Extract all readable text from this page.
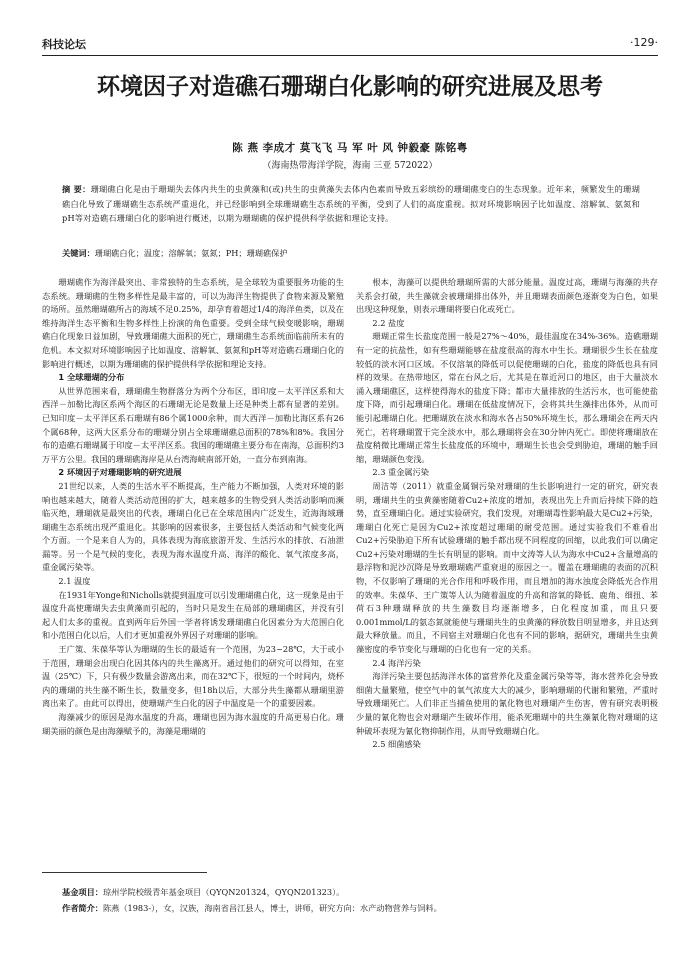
科技论坛	·129·
环境因子对造礁石珊瑚白化影响的研究进展及思考
陈 燕 李成才 莫飞飞 马 军 叶 风 钟毅豪 陈铭粤
（海南热带海洋学院，海南 三亚 572022）
摘 要：珊瑚礁白化是由于珊瑚失去体内共生的虫黄藻和(或)共生的虫黄藻失去体内色素而导致五彩缤纷的珊瑚礁变白的生态现象。近年来，频繁发生的珊瑚礁白化导致了珊瑚礁生态系统严重退化，并已经影响到全球珊瑚礁生态系统的平衡，受到了人们的高度重视。拟对环境影响因子比如温度、溶解氧、氨氮和pH等对造礁石珊瑚白化的影响进行概述，以期为珊瑚礁的保护提供科学依据和理论支持。
关键词：珊瑚礁白化；温度；溶解氧；氨氮；PH；珊瑚礁保护

珊瑚礁作为海洋最突出、非常独特的生态系统，是全球较为重要服务功能的生态系统。珊瑚礁的生物多样性是最丰富的，可以为海洋生物提供了食物来源及繁殖的场所。虽然珊瑚礁所占的海域不足0.25%，却孕育着超过1/4的海洋鱼类，以及在维持海洋生态平衡和生物多样性上扮演的角色重要。受到全球气候变暖影响，珊瑚礁白化现象日益加剧，导致珊瑚礁大面积的死亡，珊瑚礁生态系统面临前所未有的危机。本文拟对环境影响因子比如温度、溶解氧、氨氮和pH等对造礁石珊瑚白化的影响进行概述，以期为珊瑚礁的保护提供科学依据和理论支持。

1 全球珊瑚的分布

从世界范围来看，珊瑚礁生物群落分为两个分布区，即印度－太平洋区系和大西洋－加勒比海区系两个海区的石珊瑚无论是数量上还是种类上都有显著的差别。已知印度－太平洋区系石珊瑚有86个属1000余种，而大西洋－加勒比海区系有26个属68种，这两大区系分布的珊瑚分别占全球珊瑚礁总面积的78%和8%。我国分布的造礁石珊瑚属于印度－太平洋区系。我国的珊瑚礁主要分布在南海，总面积约3万平方公里。我国的珊瑚礁海岸是从台湾海峡南部开始，一直分布到南海。

2 环境因子对珊瑚影响的研究进展

21世纪以来，人类的生活水平不断提高，生产能力不断加强，人类对环境的影响也越来越大，随着人类活动范围的扩大，越来越多的生物受到人类活动影响而濒临灭绝，珊瑚就是最突出的代表，珊瑚白化已在全球范围内广泛发生，近海海域珊瑚礁生态系统出现严重退化。其影响的因素很多，主要包括人类活动和气候变化两个方面。一个是来自人为的，具体表现为海底旅游开发、生活污水的排放、石油泄漏等。另一个是气候的变化，表现为海水温度升高、海洋的酸化、氧气浓度多高，重金属污染等。

2.1 温度

在1931年Yonge和Nicholls就提到温度可以引发珊瑚礁白化，这一现象是由于温度升高使珊瑚失去虫黄藻而引起的，当时只是发生在局部的珊瑚礁区，并没有引起人们太多的重视。直到两年后外国一学者将诱发珊瑚礁白化因素分为大范围白化和小范围白化以后，人们才更加重视外界因子对珊瑚的影响。

王广策、朱葆华等认为珊瑚的生长的最适有一个范围，为23~28℃，大于或小于范围，珊瑚会出现白化因其体内的共生藻离开。通过他们的研究可以得知，在室温（25℃）下，只有极少数量会游离出来，而在32℃下，很短的一个时间内，烧杯内的珊瑚的共生藻不断生长，数量变多，但18h以后，大部分共生藻都从珊瑚里游离出来了。由此可以得出，使珊瑚产生白化的因子中温度是一个的重要因素。

海藻减少的原因是海水温度的升高，珊瑚也因为海水温度的升高更易白化。珊瑚美丽的颜色是由海藻赋予的，海藻是珊瑚的

根本，海藻可以提供给珊瑚所需的大部分能量。温度过高，珊瑚与海藻的共存关系会打破，共生藻就会被珊瑚排出体外，并且珊瑚表面颜色逐渐变为白色，如果出现这种现象，则表示珊瑚将要白化或死亡。

2.2 盐度

珊瑚正常生长盐度范围一般是27%～40%，最佳温度在34%-36%。造礁珊瑚有一定的抗盐性，如有些珊瑚能够在盐度很高的海水中生长。珊瑚很少生长在盐度较低的淡水河口区域。不仅溶氧的降低可以促使珊瑚的白化，盐度的降低也具有同样的效果。在热带地区，常在台风之后，尤其是在靠近河口的地区，由于大量淡水涌入珊瑚礁区，这样使得海水的盐度下降；都市大量排放的生活污水，也可能使盐度下降，而引起珊瑚白化。珊瑚在低盐度情况下，会将其共生藻排出体外，从而可能引起珊瑚白化。把珊瑚放在淡水和海水各占50%环境生长，那么珊瑚会在两天内死亡，若将珊瑚置于完全淡水中，那么珊瑚将会在30分钟内死亡。即使将珊瑚放在盐度稍微比珊瑚正常生长盐度低的环境中，珊瑚生长也会受到胁迫，珊瑚的触手回缩，珊瑚颜色变浅。

2.3 重金属污染

周洁等（2011）就重金属铜污染对珊瑚的生长影响进行一定的研究，研究表明，珊瑚共生的虫黄藻密随着Cu2+浓度的增加，表现出先上升而后持续下降的趋势，直至珊瑚白化。通过实验研究，我们发现，对珊瑚毒性影响最大是Cu2+污染，珊瑚白化死亡是因为Cu2+浓度超过珊瑚的耐受范围。通过实验我们不难看出Cu2+污染胁迫下所有试验珊瑚的触手都出现不同程度的回缩，以此我们可以确定Cu2+污染对珊瑚的生长有明显的影响。而中文涛等人认为海水中Cu2+含量增高的悬浮物和泥沙沉降是导致珊瑚礁严重衰退的原因之一。覆盖在珊瑚礁的表面的沉积物，不仅影响了珊瑚的光合作用和呼吸作用，而且增加的海水浊度会降低光合作用的效率。朱葆华、王广策等人认为随着温度的升高和溶氧的降低、鹿角、细扭、苯荷石3种珊瑚释放的共生藻数目均逐渐增多，白化程度加重，而且只要0.001mmol/L的氨态氮就能使与珊瑚共生的虫黄藻的释放数目明显增多，并且达到最大释放量。而且，不同宿主对珊瑚白化也有不同的影响，据研究，珊瑚共生虫黄藻密度的季节变化与珊瑚的白化也有一定的关系。

2.4 海洋污染

海洋污染主要包括海洋水体的富营养化及重金属污染等等，海水营养化会导致细菌大量繁殖，使空气中的氧气浓度大大的减少，影响珊瑚的代谢和繁殖，严重时导致珊瑚死亡。人们非正当捕鱼使用的氰化物也对珊瑚产生伤害，曾有研究表明极少量的氰化物也会对珊瑚产生破坏作用，能杀死珊瑚中的共生藻氰化物对珊瑚的这种破坏表现为氰化物抑制作用，从而导致珊瑚白化。

2.5 细菌感染
基金项目：琼州学院校级青年基金项目（QYQN201324，QYQN201323）。
作者简介：陈燕（1983-），女，汉族，海南省昌江县人，博士，讲师，研究方向：水产动物营养与饲料。
